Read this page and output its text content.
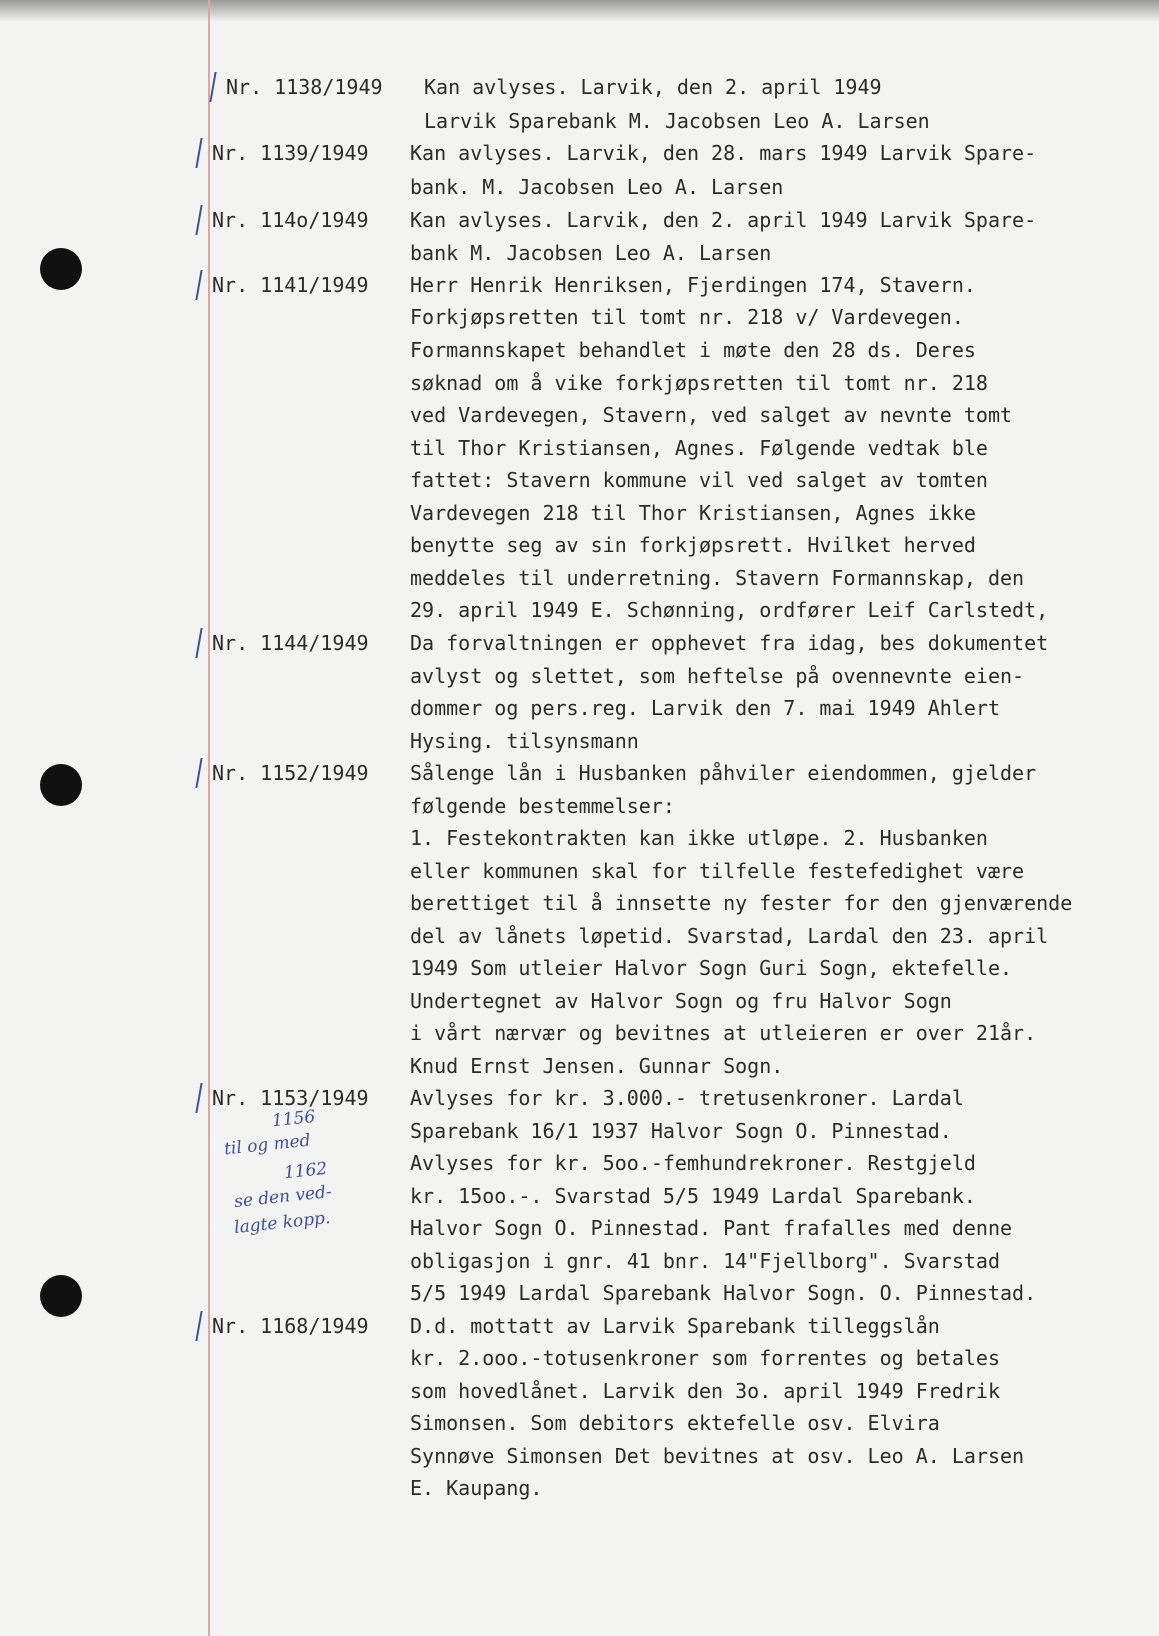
Nr. 1138/1949 Kan avlyses. Larvik, den 2. april 1949
Larvik Sparebank M. Jacobsen Leo A. Larsen
Nr. 1139/1949 Kan avlyses. Larvik, den 28. mars 1949 Larvik Spare-
bank. M. Jacobsen Leo A. Larsen
Nr. 114o/1949 Kan avlyses. Larvik, den 2. april 1949 Larvik Spare-
bank M. Jacobsen Leo A. Larsen
Nr. 1141/1949 Herr Henrik Henriksen, Fjerdingen 174, Stavern.
Forkjøpsretten til tomt nr. 218 v/ Vardevegen.
Formannskapet behandlet i møte den 28 ds. Deres
søknad om å vike forkjøpsretten til tomt nr. 218
ved Vardevegen, Stavern, ved salget av nevnte tomt
til Thor Kristiansen, Agnes. Følgende vedtak ble
fattet: Stavern kommune vil ved salget av tomten
Vardevegen 218 til Thor Kristiansen, Agnes ikke
benytte seg av sin forkjøpsrett. Hvilket herved
meddeles til underretning. Stavern Formannskap, den
29. april 1949 E. Schønning, ordfører Leif Carlstedt,
Nr. 1144/1949 Da forvaltningen er opphevet fra idag, bes dokumentet
avlyst og slettet, som heftelse på ovennevnte eien-
dommer og pers.reg. Larvik den 7. mai 1949 Ahlert
Hysing. tilsynsmann
Nr. 1152/1949 Sålenge lån i Husbanken påhviler eiendommen, gjelder
følgende bestemmelser:
1. Festekontrakten kan ikke utløpe. 2. Husbanken
eller kommunen skal for tilfelle festefedighet være
berettiget til å innsette ny fester for den gjenværende
del av lånets løpetid. Svarstad, Lardal den 23. april
1949 Som utleier Halvor Sogn Guri Sogn, ektefelle.
Undertegnet av Halvor Sogn og fru Halvor Sogn
i vårt nærvær og bevitnes at utleieren er over 21år.
Knud Ernst Jensen. Gunnar Sogn.
Nr. 1153/1949 Avlyses for kr. 3.000.- tretusenkroner. Lardal
Sparebank 16/1 1937 Halvor Sogn O. Pinnestad.
Avlyses for kr. 5oo.-femhundrekroner. Restgjeld
kr. 15oo.-. Svarstad 5/5 1949 Lardal Sparebank.
Halvor Sogn O. Pinnestad. Pant frafalles med denne
obligasjon i gnr. 41 bnr. 14"Fjellborg". Svarstad
5/5 1949 Lardal Sparebank Halvor Sogn. O. Pinnestad.
Nr. 1168/1949 D.d. mottatt av Larvik Sparebank tilleggslån
kr. 2.ooo.-totusenkroner som forrentes og betales
som hovedlånet. Larvik den 3o. april 1949 Fredrik
Simonsen. Som debitors ektefelle osv. Elvira
Synnøve Simonsen Det bevitnes at osv. Leo A. Larsen
E. Kaupang.
1156
til og med
1162
se den ved-
lagte kopp.
